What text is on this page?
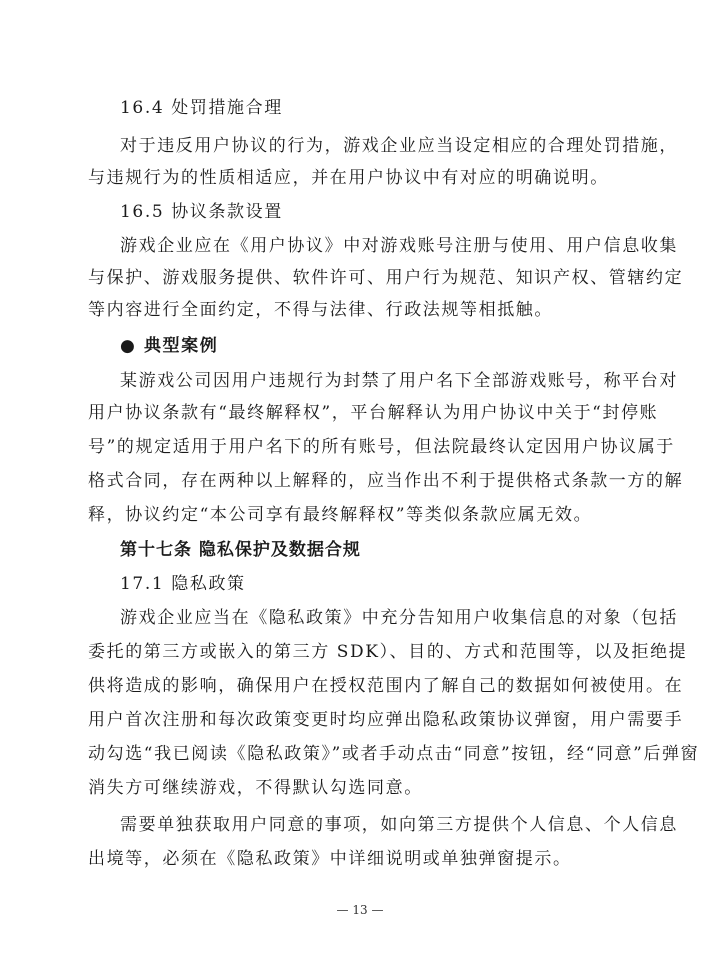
16.4 处罚措施合理
对于违反用户协议的行为，游戏企业应当设定相应的合理处罚措施，
与违规行为的性质相适应，并在用户协议中有对应的明确说明。
16.5 协议条款设置
游戏企业应在《用户协议》中对游戏账号注册与使用、用户信息收集
与保护、游戏服务提供、软件许可、用户行为规范、知识产权、管辖约定
等内容进行全面约定，不得与法律、行政法规等相抵触。
● 典型案例
某游戏公司因用户违规行为封禁了用户名下全部游戏账号，称平台对
用户协议条款有“最终解释权”，平台解释认为用户协议中关于“封停账
号”的规定适用于用户名下的所有账号，但法院最终认定因用户协议属于
格式合同，存在两种以上解释的，应当作出不利于提供格式条款一方的解
释，协议约定“本公司享有最终解释权”等类似条款应属无效。
第十七条 隐私保护及数据合规
17.1 隐私政策
游戏企业应当在《隐私政策》中充分告知用户收集信息的对象（包括
委托的第三方或嵌入的第三方 SDK）、目的、方式和范围等，以及拒绝提
供将造成的影响，确保用户在授权范围内了解自己的数据如何被使用。在
用户首次注册和每次政策变更时均应弹出隐私政策协议弹窗，用户需要手
动勾选“我已阅读《隐私政策》”或者手动点击“同意”按钮，经“同意”后弹窗
消失方可继续游戏，不得默认勾选同意。
需要单独获取用户同意的事项，如向第三方提供个人信息、个人信息
出境等，必须在《隐私政策》中详细说明或单独弹窗提示。
— 13 —
